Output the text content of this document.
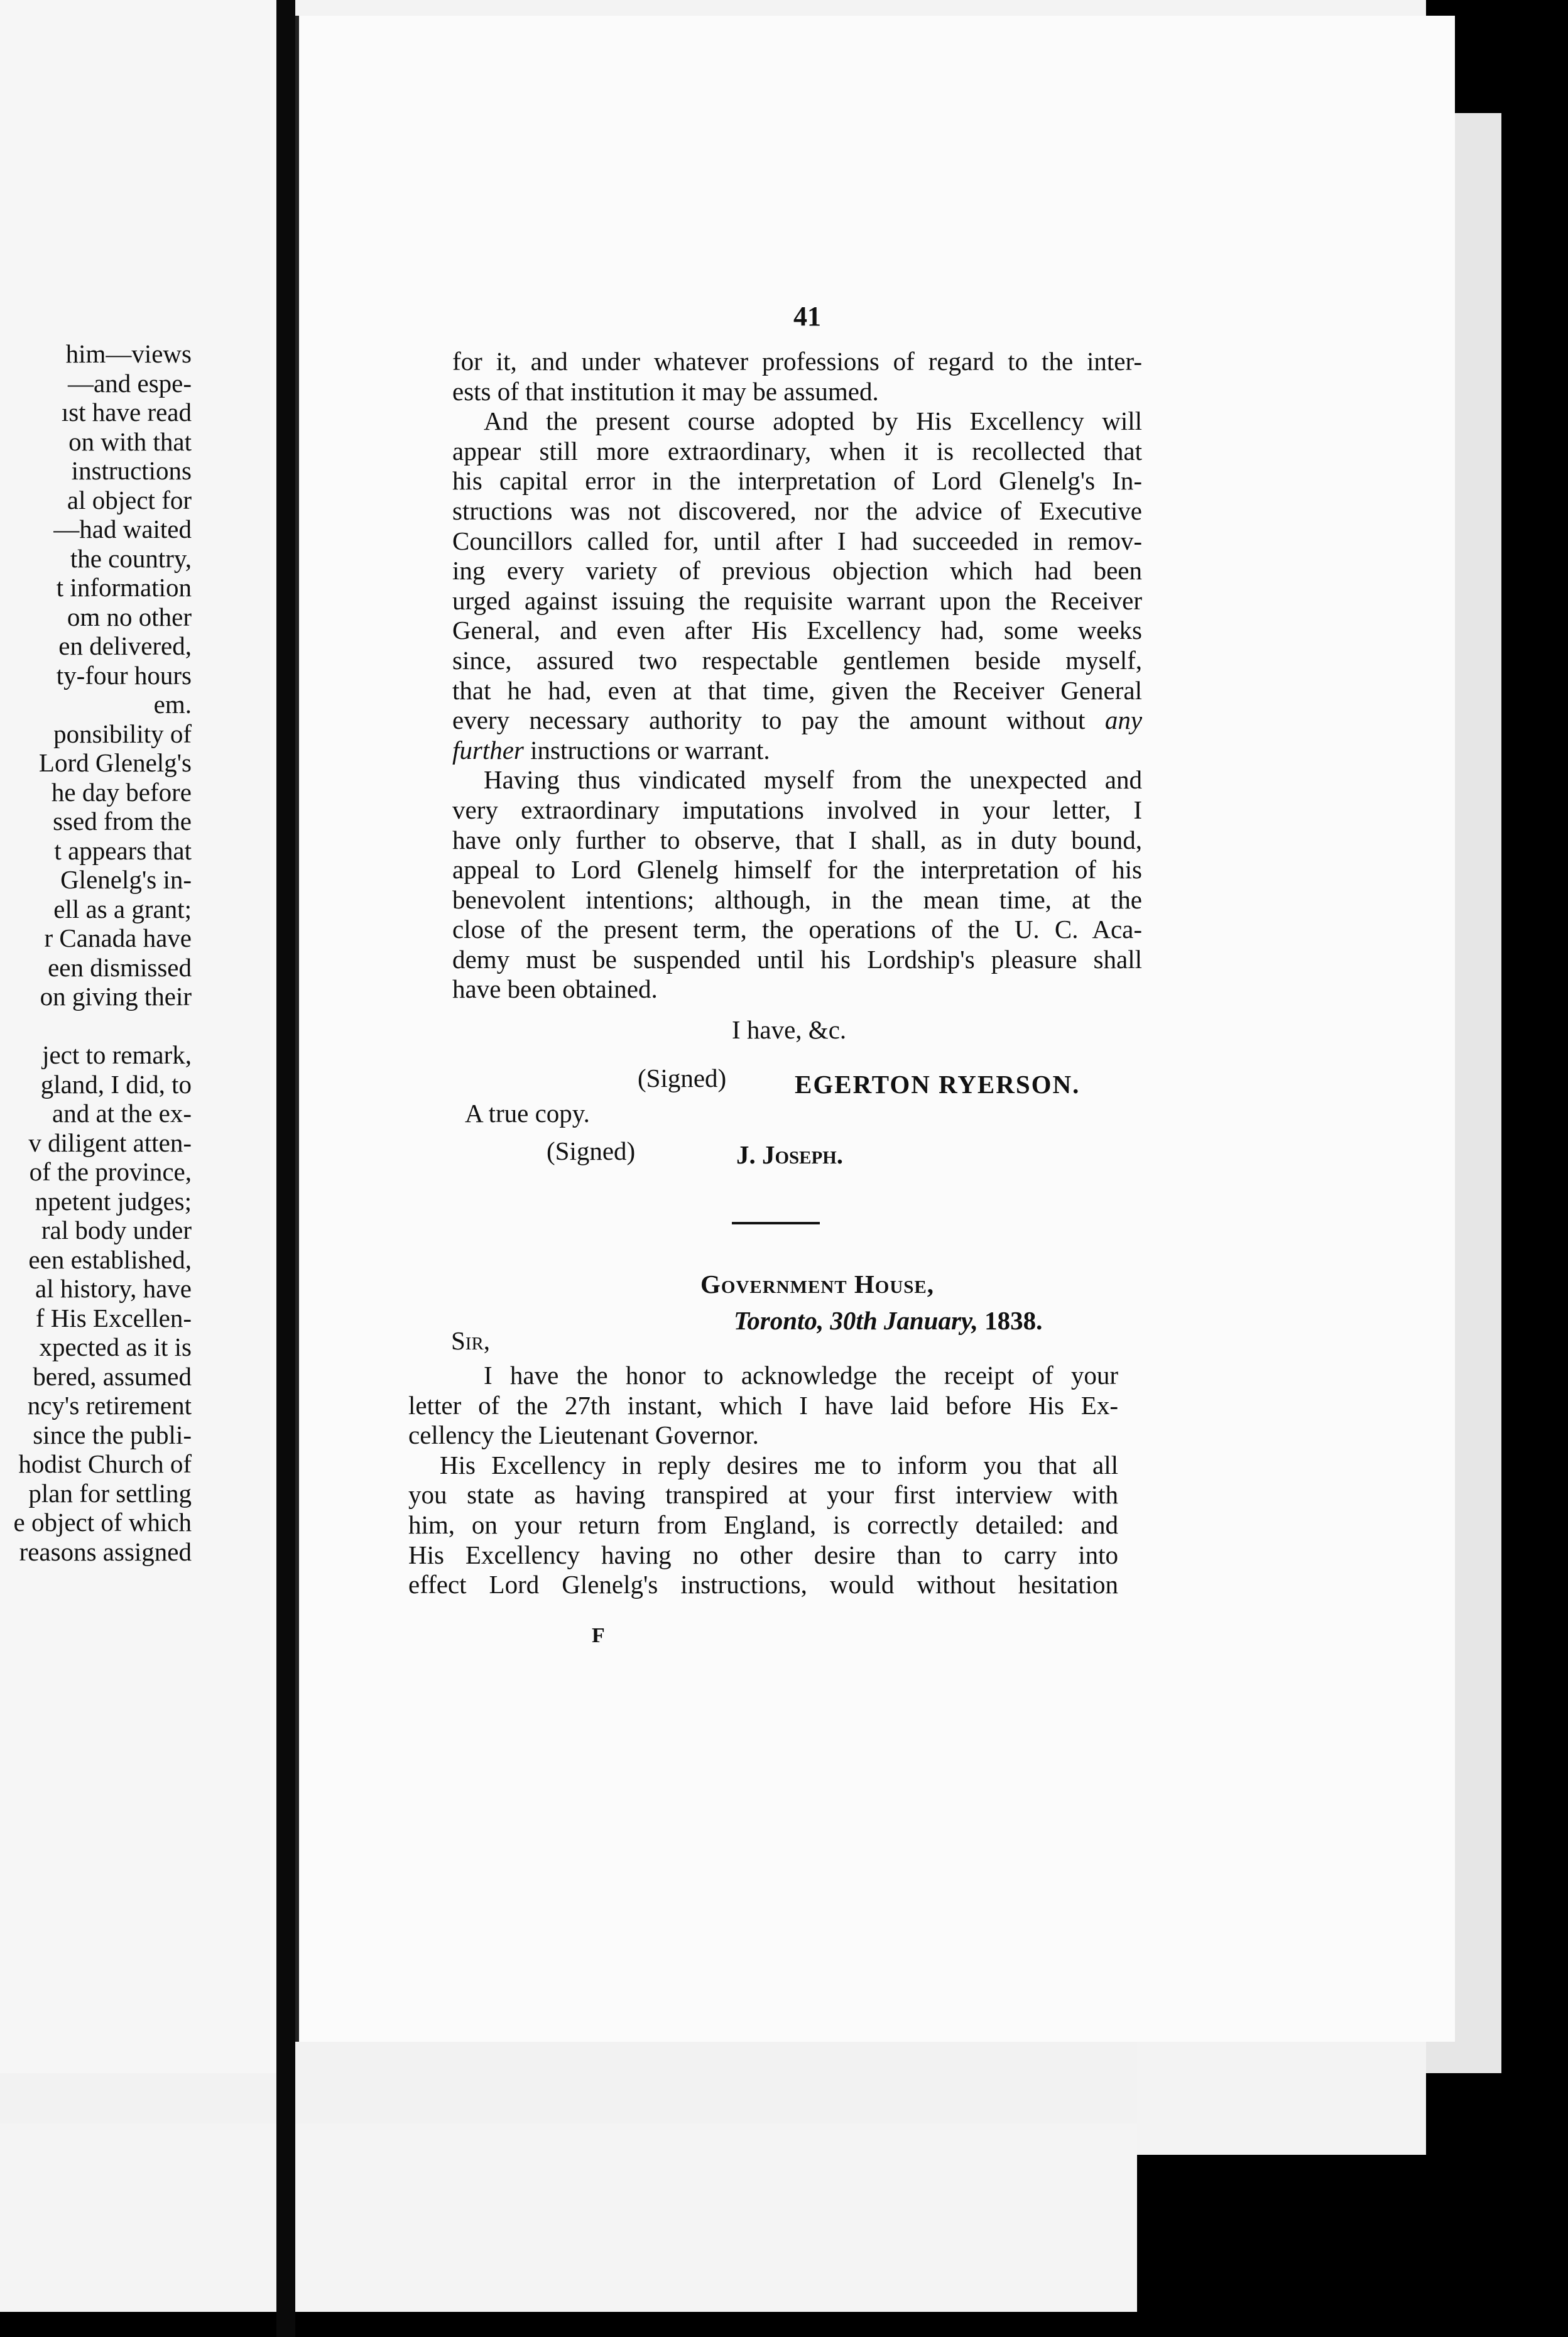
him—views
—and espe-
ıst have read
on with that
instructions
al object for
—had waited
the country,
t information
om no other
en delivered,
ty-four hours
em.
ponsibility of
Lord Glenelg's
he day before
ssed from the
t appears that
Glenelg's in-
ell as a grant;
r Canada have
een dismissed
on giving their
ject to remark,
gland, I did, to
and at the ex-
v diligent atten-
of the province,
npetent judges;
ral body under
een established,
al history, have
f His Excellen-
xpected as it is
bered, assumed
ncy's retirement
since the publi-
hodist Church of
plan for settling
e object of which
reasons assigned
41
for it, and under whatever professions of regard to the inter-
ests of that institution it may be assumed.
And the present course adopted by His Excellency will
appear still more extraordinary, when it is recollected that
his capital error in the interpretation of Lord Glenelg's In-
structions was not discovered, nor the advice of Executive
Councillors called for, until after I had succeeded in remov-
ing every variety of previous objection which had been
urged against issuing the requisite warrant upon the Receiver
General, and even after His Excellency had, some weeks
since, assured two respectable gentlemen beside myself,
that he had, even at that time, given the Receiver General
every necessary authority to pay the amount without any
further instructions or warrant.
Having thus vindicated myself from the unexpected and
very extraordinary imputations involved in your letter, I
have only further to observe, that I shall, as in duty bound,
appeal to Lord Glenelg himself for the interpretation of his
benevolent intentions; although, in the mean time, at the
close of the present term, the operations of the U. C. Aca-
demy must be suspended until his Lordship's pleasure shall
have been obtained.
I have, &c.
(Signed)	EGERTON RYERSON.
A true copy.
(Signed)	J. Joseph.
Government House,
Toronto, 30th January, 1838.
Sir,
I have the honor to acknowledge the receipt of your
letter of the 27th instant, which I have laid before His Ex-
cellency the Lieutenant Governor.
His Excellency in reply desires me to inform you that all
you state as having transpired at your first interview with
him, on your return from England, is correctly detailed: and
His Excellency having no other desire than to carry into
effect Lord Glenelg's instructions, would without hesitation
F
